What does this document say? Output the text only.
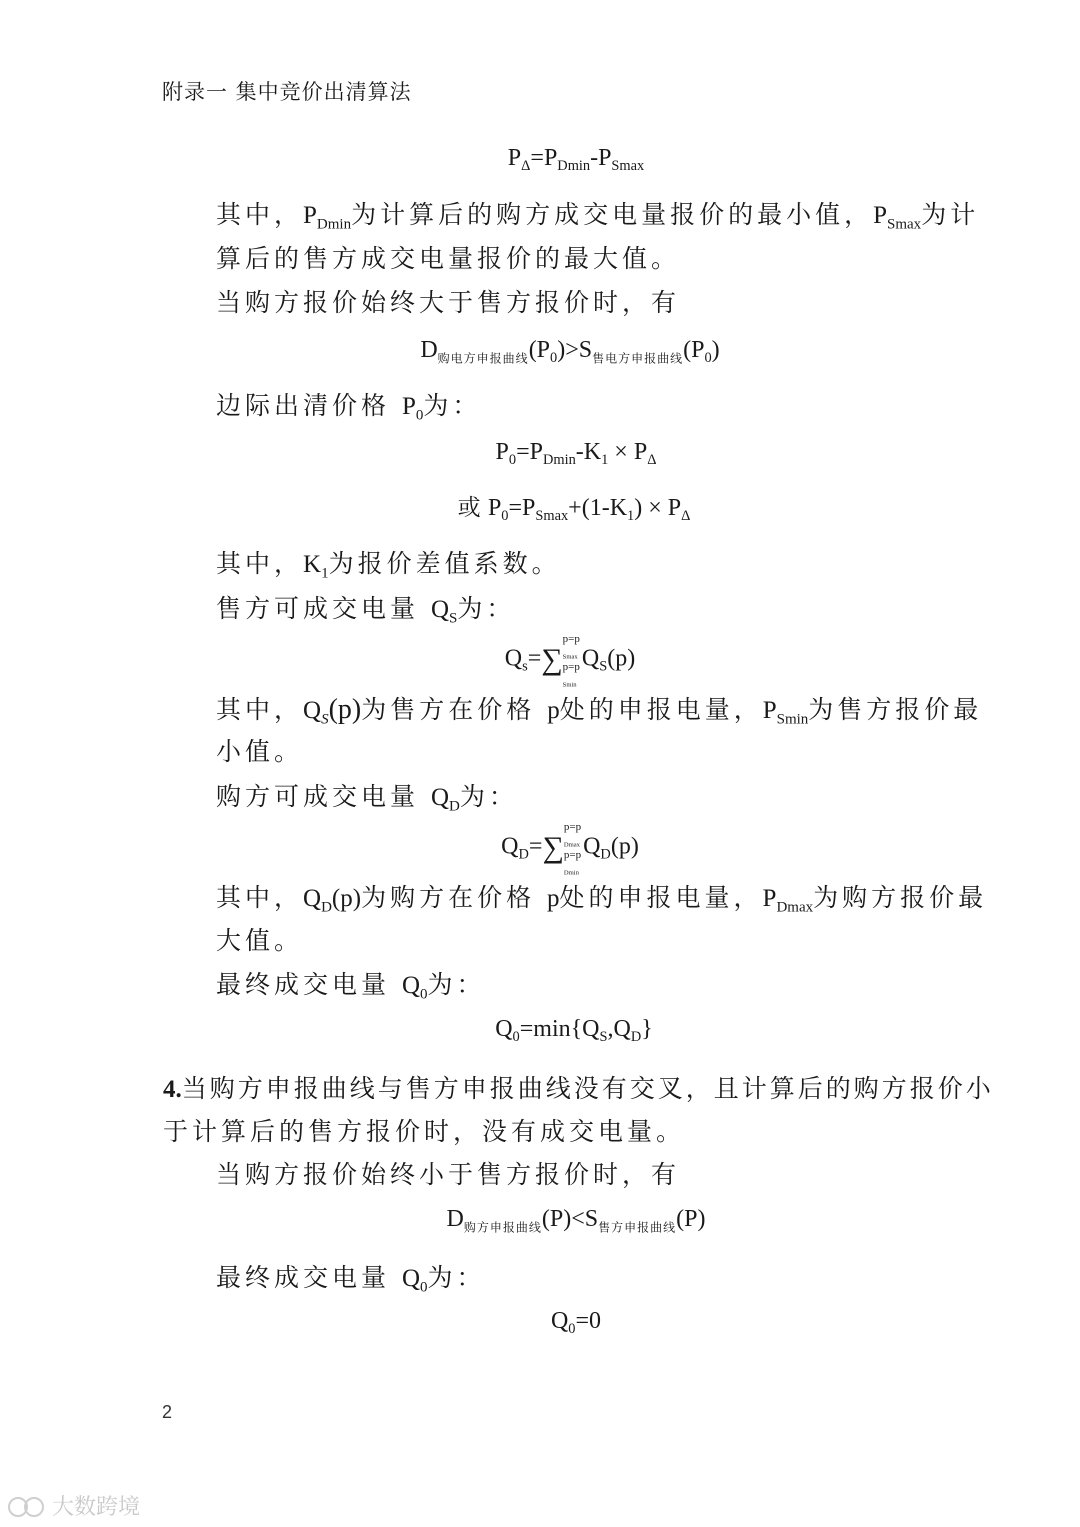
附录一 集中竞价出清算法
$P_\Delta=P_{Dmin}-P_{Smax}$
其中，$P_{Dmin}$为计算后的购方成交电量报价的最小值，$P_{Smax}$为计
算后的售方成交电量报价的最大值。
当购方报价始终大于售方报价时，有
$D_{购电方申报曲线}(P_0)>S_{售电方申报曲线}(P_0)$
边际出清价格 $P_0$为：
$P_0=P_{Dmin}-K_1 \times P_\Delta$
或 $P_0=P_{Smax}+(1-K_1) \times P_\Delta$
其中，$K_1$为报价差值系数。
售方可成交电量 $Q_S$为：
$Q_s=\sum$
p=p
$_{Smax}$
p=p
$_{Smin}$
$Q_S(p)$
其中，$Q_S(p)$为售方在价格 p处的申报电量，$P_{Smin}$为售方报价最
小值。
购方可成交电量 $Q_D$为：
$Q_D=\sum$
p=p
$_{Dmax}$
p=p
$_{Dmin}$
$Q_D(p)$
其中，$Q_D(p)$为购方在价格 p处的申报电量，$P_{Dmax}$为购方报价最
大值。
最终成交电量 $Q_0$为：
$Q_0=\min\{Q_S,Q_D\}$
4.当购方申报曲线与售方申报曲线没有交叉，且计算后的购方报价小
于计算后的售方报价时，没有成交电量。
当购方报价始终小于售方报价时，有
$D_{购方申报曲线}(P)<S_{售方申报曲线}(P)$
最终成交电量 $Q_0$为：
$Q_0=0$
2
大数跨境
